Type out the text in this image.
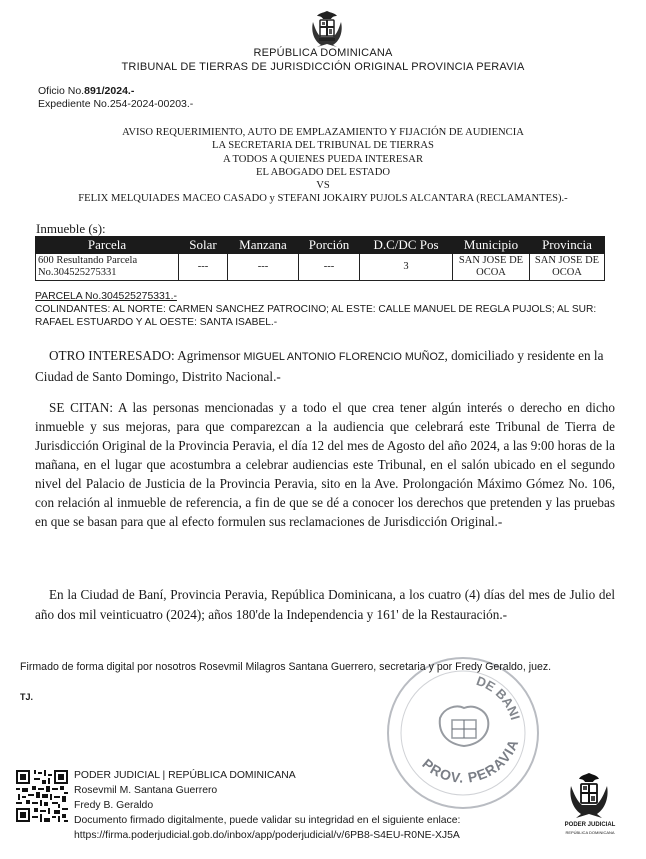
REPÚBLICA DOMINICANA
TRIBUNAL DE TIERRAS DE JURISDICCIÓN ORIGINAL PROVINCIA PERAVIA
Oficio No.891/2024.-
Expediente No.254-2024-00203.-
AVISO REQUERIMIENTO, AUTO DE EMPLAZAMIENTO Y FIJACIÓN DE AUDIENCIA
LA SECRETARIA DEL TRIBUNAL DE TIERRAS
A TODOS A QUIENES PUEDA INTERESAR
EL ABOGADO DEL ESTADO
VS
FELIX MELQUIADES MACEO CASADO y STEFANI JOKAIRY PUJOLS ALCANTARA (RECLAMANTES).-
Inmueble (s):
Parcela	Solar	Manzana	Porción	D.C/DC Pos	Municipio	Provincia
600 Resultando Parcela No.304525275331	---	---	---	3	SAN JOSE DE OCOA	SAN JOSE DE OCOA
PARCELA No.304525275331.-
COLINDANTES: AL NORTE: CARMEN SANCHEZ PATROCINO; AL ESTE: CALLE MANUEL DE REGLA PUJOLS; AL SUR: RAFAEL ESTUARDO Y AL OESTE: SANTA ISABEL.-
OTRO INTERESADO: Agrimensor MIGUEL ANTONIO FLORENCIO MUÑOZ, domiciliado y residente en la Ciudad de Santo Domingo, Distrito Nacional.-
SE CITAN: A las personas mencionadas y a todo el que crea tener algún interés o derecho en dicho inmueble y sus mejoras, para que comparezcan a la audiencia que celebrará este Tribunal de Tierra de Jurisdicción Original de la Provincia Peravia, el día 12 del mes de Agosto del año 2024, a las 9:00 horas de la mañana, en el lugar que acostumbra a celebrar audiencias este Tribunal, en el salón ubicado en el segundo nivel del Palacio de Justicia de la Provincia Peravia, sito en la Ave. Prolongación Máximo Gómez No. 106, con relación al inmueble de referencia, a fin de que se dé a conocer los derechos que pretenden y las pruebas en que se basan para que al efecto formulen sus reclamaciones de Jurisdicción Original.-
En la Ciudad de Baní, Provincia Peravia, República Dominicana, a los cuatro (4) días del mes de Julio del año dos mil veinticuatro (2024); años 180'de la Independencia y 161' de la Restauración.-
DE BANI
PROV. PERAVIA
Firmado de forma digital por nosotros Rosevmil Milagros Santana Guerrero, secretaria y por Fredy Geraldo, juez.
TJ.
PODER JUDICIAL | REPÚBLICA DOMINICANA
Rosevmil M. Santana Guerrero
Fredy B. Geraldo
Documento firmado digitalmente, puede validar su integridad en el siguiente enlace:
https://firma.poderjudicial.gob.do/inbox/app/poderjudicial/v/6PB8-S4EU-R0NE-XJ5A
PODER JUDICIAL
REPÚBLICA DOMINICANA
